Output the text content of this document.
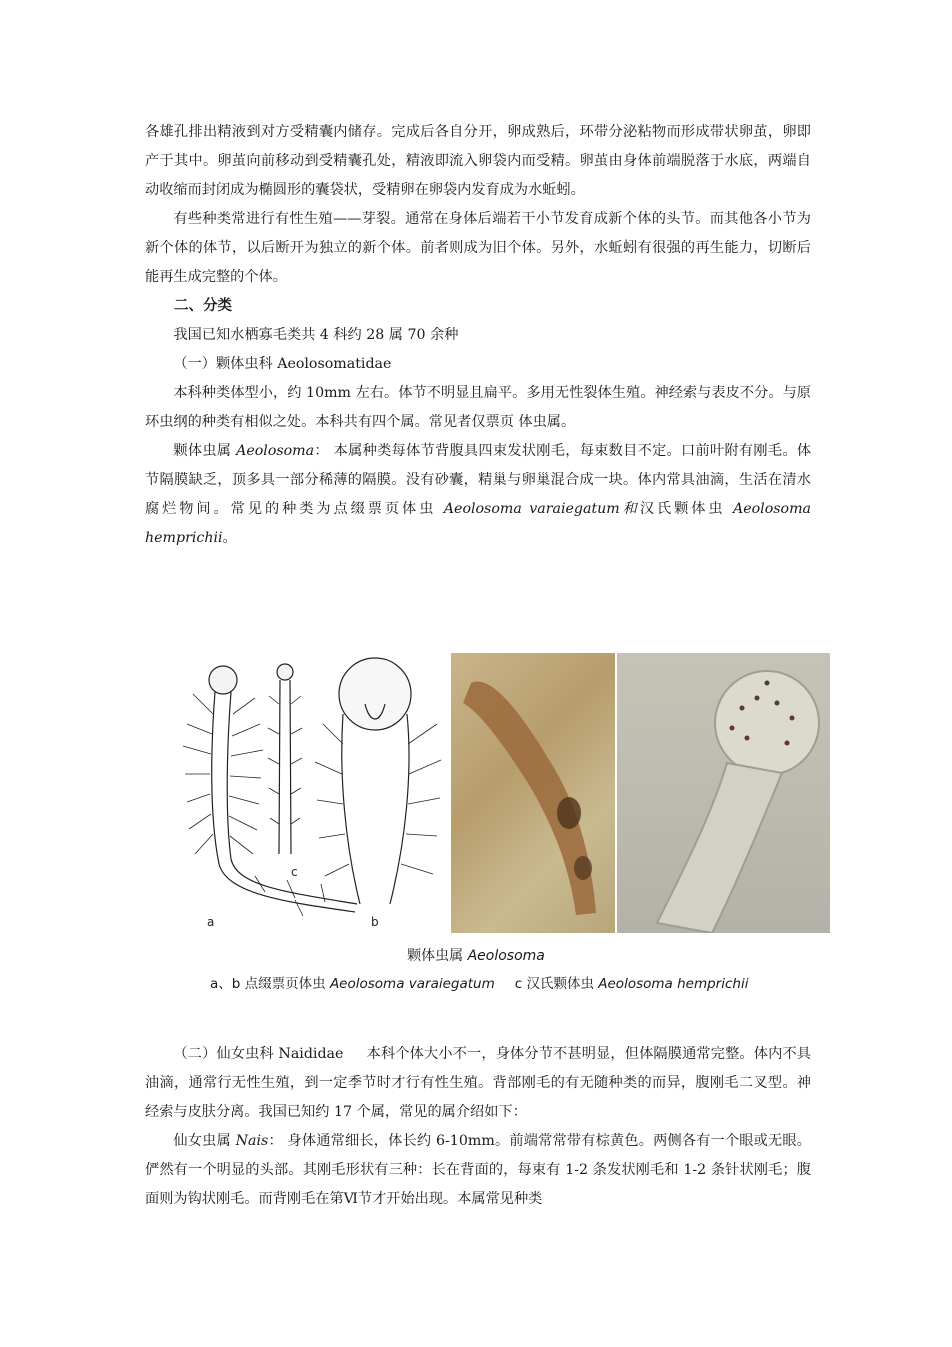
各雄孔排出精液到对方受精囊内储存。完成后各自分开，卵成熟后，环带分泌粘物而形成带状卵茧，卵即产于其中。卵茧向前移动到受精囊孔处，精液即流入卵袋内而受精。卵茧由身体前端脱落于水底，两端自动收缩而封闭成为椭圆形的囊袋状，受精卵在卵袋内发育成为水蚯蚓。

有些种类常进行有性生殖——芽裂。通常在身体后端若干小节发育成新个体的头节。而其他各小节为新个体的体节，以后断开为独立的新个体。前者则成为旧个体。另外，水蚯蚓有很强的再生能力，切断后能再生成完整的个体。

二、分类

我国已知水栖寡毛类共 4 科约 28 属 70 余种

（一）颗体虫科 Aeolosomatidae

本科种类体型小，约 10mm 左右。体节不明显且扁平。多用无性裂体生殖。神经索与表皮不分。与原环虫纲的种类有相似之处。本科共有四个属。常见者仅票页 体虫属。

颗体虫属 Aeolosoma： 本属种类每体节背腹具四束发状刚毛，每束数目不定。口前叶附有刚毛。体节隔膜缺乏，顶多具一部分稀薄的隔膜。没有砂囊，精巢与卵巢混合成一块。体内常具油滴，生活在清水腐烂物间。常见的种类为点缀票页体虫 Aeolosoma varaiegatum和汉氏颗体虫 Aeolosoma hemprichii。

a	b
c
颗体虫属 Aeolosoma
a、b 点缀票页体虫 Aeolosoma varaiegatum c 汉氏颗体虫 Aeolosoma hemprichii

（二）仙女虫科 Naididae 本科个体大小不一，身体分节不甚明显，但体隔膜通常完整。体内不具油滴，通常行无性生殖，到一定季节时才行有性生殖。背部刚毛的有无随种类的而异，腹刚毛二叉型。神经索与皮肤分离。我国已知约 17 个属，常见的属介绍如下：

仙女虫属 Nais： 身体通常细长，体长约 6-10mm。前端常常带有棕黄色。两侧各有一个眼或无眼。俨然有一个明显的头部。其刚毛形状有三种：长在背面的，每束有 1-2 条发状刚毛和 1-2 条针状刚毛；腹面则为钩状刚毛。而背刚毛在第Ⅵ节才开始出现。本属常见种类
